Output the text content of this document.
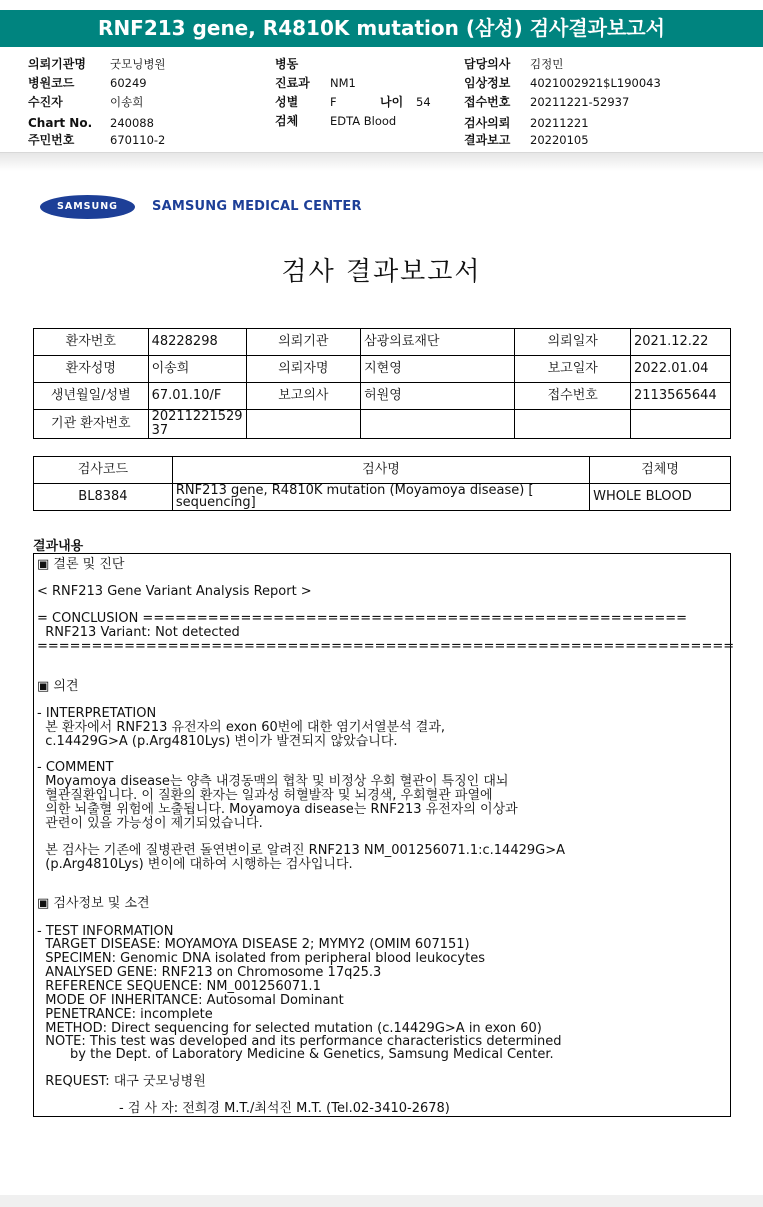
RNF213 gene, R4810K mutation (삼성) 검사결과보고서
의뢰기관명 굿모닝병원
병원코드	60249
수진자	이송희
Chart No. 240088
주민번호	670110-2
병동
진료과 NM1
성별	F	나이 54
검체	EDTA Blood
담당의사 김정민
임상정보 4021002921$L190043
접수번호 20211221-52937
검사의뢰 20211221
결과보고 20220105
SAMSUNG	SAMSUNG MEDICAL CENTER
검사 결과보고서
환자번호	48228298	의뢰기관	삼광의료재단	의뢰일자	2021.12.22
환자성명	이송희	의뢰자명	지현영	보고일자	2022.01.04
생년월일/성별	67.01.10/F	보고의사	허원영	접수번호	2113565644
기관 환자번호	20211221529
37				
검사코드	검사명	검체명
BL8384	RNF213 gene, R4810K mutation (Moyamoya disease) [
sequencing]	WHOLE BLOOD
결과내용
▣ 결론 및 진단
< RNF213 Gene Variant Analysis Report >
= CONCLUSION ==================================================
RNF213 Variant: Not detected
================================================================
▣ 의견
- INTERPRETATION
본 환자에서 RNF213 유전자의 exon 60번에 대한 염기서열분석 결과,
c.14429G>A (p.Arg4810Lys) 변이가 발견되지 않았습니다.
- COMMENT
Moyamoya disease는 양측 내경동맥의 협착 및 비정상 우회 혈관이 특징인 대뇌
혈관질환입니다. 이 질환의 환자는 일과성 허혈발작 및 뇌경색, 우회혈관 파열에
의한 뇌출혈 위험에 노출됩니다. Moyamoya disease는 RNF213 유전자의 이상과
관련이 있을 가능성이 제기되었습니다.
본 검사는 기존에 질병관련 돌연변이로 알려진 RNF213 NM_001256071.1:c.14429G>A
(p.Arg4810Lys) 변이에 대하여 시행하는 검사입니다.
▣ 검사정보 및 소견
- TEST INFORMATION
TARGET DISEASE: MOYAMOYA DISEASE 2; MYMY2 (OMIM 607151)
SPECIMEN: Genomic DNA isolated from peripheral blood leukocytes
ANALYSED GENE: RNF213 on Chromosome 17q25.3
REFERENCE SEQUENCE: NM_001256071.1
MODE OF INHERITANCE: Autosomal Dominant
PENETRANCE: incomplete
METHOD: Direct sequencing for selected mutation (c.14429G>A in exon 60)
NOTE: This test was developed and its performance characteristics determined
by the Dept. of Laboratory Medicine & Genetics, Samsung Medical Center.
REQUEST: 대구 굿모닝병원
- 검 사 자: 전희경 M.T./최석진 M.T. (Tel.02-3410-2678)
